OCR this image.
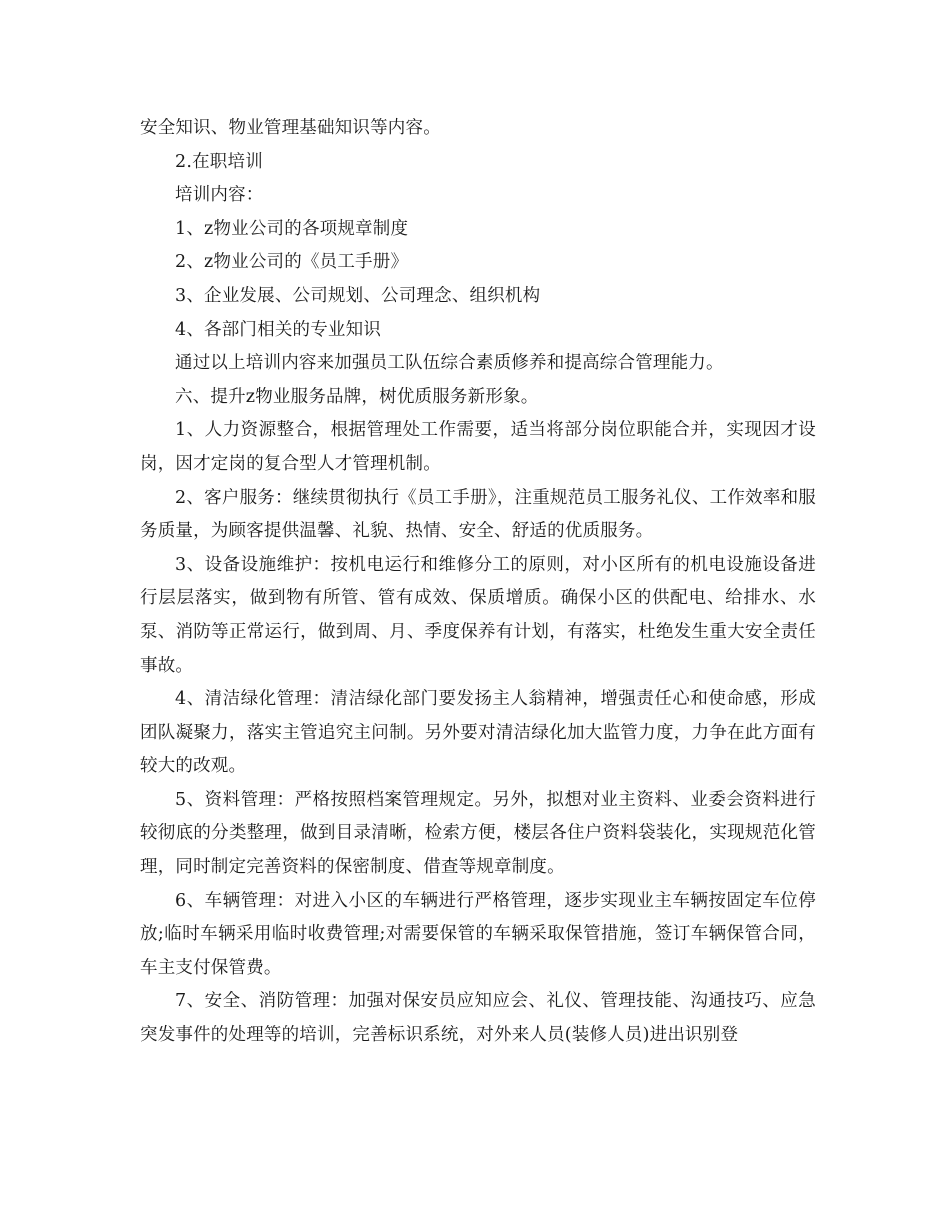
安全知识、物业管理基础知识等内容。

2.在职培训

培训内容：

1、z物业公司的各项规章制度

2、z物业公司的《员工手册》

3、企业发展、公司规划、公司理念、组织机构

4、各部门相关的专业知识

通过以上培训内容来加强员工队伍综合素质修养和提高综合管理能力。

六、提升z物业服务品牌，树优质服务新形象。

1、人力资源整合，根据管理处工作需要，适当将部分岗位职能合并，实现因才设岗，因才定岗的复合型人才管理机制。

2、客户服务：继续贯彻执行《员工手册》，注重规范员工服务礼仪、工作效率和服务质量，为顾客提供温馨、礼貌、热情、安全、舒适的优质服务。

3、设备设施维护：按机电运行和维修分工的原则，对小区所有的机电设施设备进行层层落实，做到物有所管、管有成效、保质增质。确保小区的供配电、给排水、水泵、消防等正常运行，做到周、月、季度保养有计划，有落实，杜绝发生重大安全责任事故。

4、清洁绿化管理：清洁绿化部门要发扬主人翁精神，增强责任心和使命感，形成团队凝聚力，落实主管追究主问制。另外要对清洁绿化加大监管力度，力争在此方面有较大的改观。

5、资料管理：严格按照档案管理规定。另外，拟想对业主资料、业委会资料进行较彻底的分类整理，做到目录清晰，检索方便，楼层各住户资料袋装化，实现规范化管理，同时制定完善资料的保密制度、借查等规章制度。

6、车辆管理：对进入小区的车辆进行严格管理，逐步实现业主车辆按固定车位停放;临时车辆采用临时收费管理;对需要保管的车辆采取保管措施，签订车辆保管合同，车主支付保管费。

7、安全、消防管理：加强对保安员应知应会、礼仪、管理技能、沟通技巧、应急突发事件的处理等的培训，完善标识系统，对外来人员(装修人员)进出识别登
